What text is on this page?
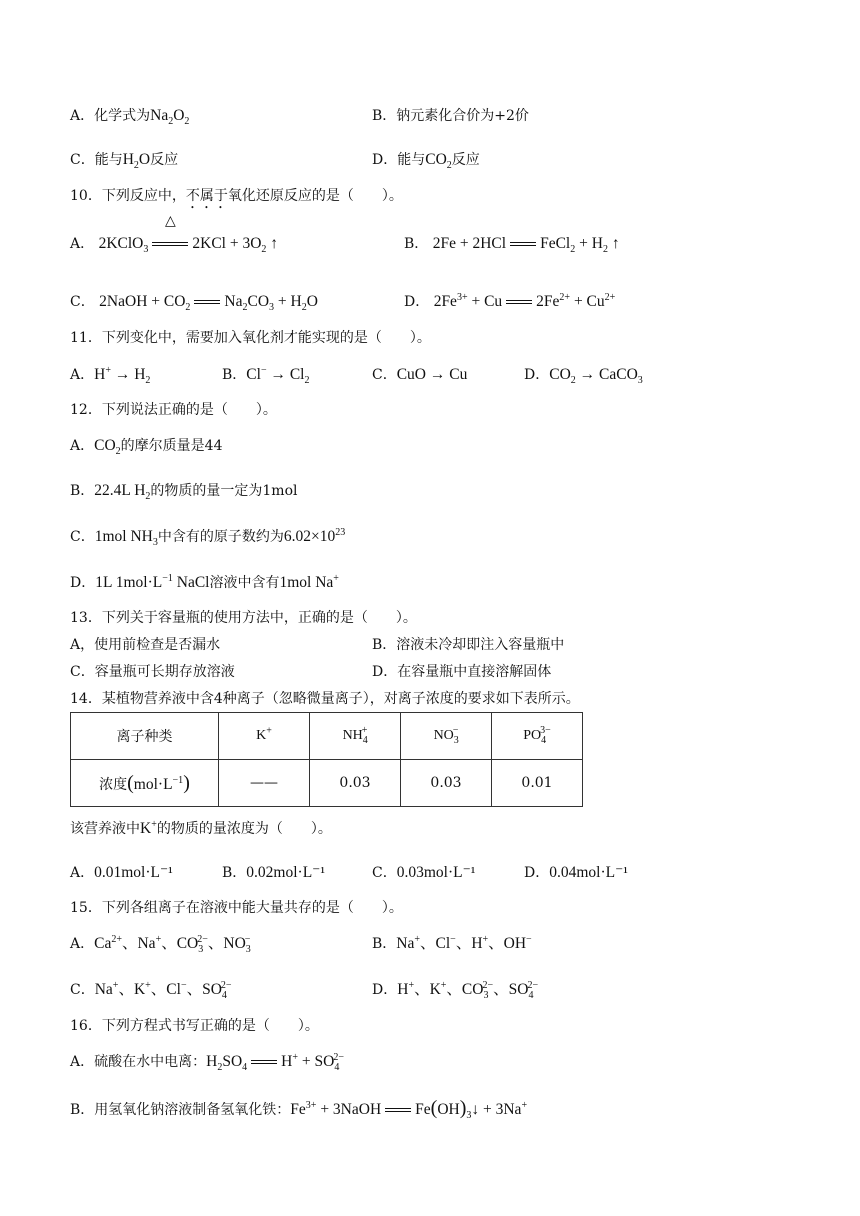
A．化学式为$Na_2O_2$	B．钠元素化合价为+2价
C．能与$H_2O$反应	D．能与$CO_2$反应
10．下列反应中，不属于氧化还原反应的是（　　）。
A． 2KClO$_3$
△
$2KCl + 3O_2$ ↑	B． 2Fe + 2HCl FeCl$_2$ + $H_2$ ↑
C． 2NaOH + $CO_2$ $Na_2CO_3 + H_2O$	D． $2Fe^{3+} + Cu$ $2Fe^{2+} + Cu^{2+}$
11．下列变化中，需要加入氧化剂才能实现的是（　　）。
A．$H^+ \to H_2$	B．$Cl^- \to Cl_2$	C．CuO → Cu	D．$CO_2$ → CaCO$_3$
12．下列说法正确的是（　　）。
A．$CO_2$的摩尔质量是44
B．22.4L $H_2$的物质的量一定为1mol
C．1mol $NH_3$中含有的原子数约为$6.02\times 10^{23}$
D．1L $1mol\cdot L^{-1}$ NaCl溶液中含有1mol Na+
13．下列关于容量瓶的使用方法中，正确的是（　　）。
A，使用前检查是否漏水	B．溶液未冷却即注入容量瓶中
C．容量瓶可长期存放溶液	D．在容量瓶中直接溶解固体
14．某植物营养液中含4种离子（忽略微量离子），对离子浓度的要求如下表所示。
离子种类	K+	$NH_4^+$	$NO_3^-$	$PO_4^{3-}$
浓度$(mol\cdot L^{-1})$	——	0.03	0.03	0.01
该营养液中K+的物质的量浓度为（　　）。
A．0.01mol·L⁻¹	B．0.02mol·L⁻¹	C．0.03mol·L⁻¹	D．0.04mol·L⁻¹
15．下列各组离子在溶液中能大量共存的是（　　）。
A．$Ca^{2+}$、Na+、$CO_3^{2-}$、$NO_3^-$	B．Na+、Cl−、H+、OH−
C．Na+、K+、Cl−、$SO_4^{2-}$	D．H+、K+、$CO_3^{2-}$、$SO_4^{2-}$
16．下列方程式书写正确的是（　　）。
A．硫酸在水中电离：$H_2SO_4$ $H^+ + SO_4^{2-}$
B．用氢氧化钠溶液制备氢氧化铁：$Fe^{3+}$ + 3NaOH $Fe(OH)_3↓ + 3Na^+$
